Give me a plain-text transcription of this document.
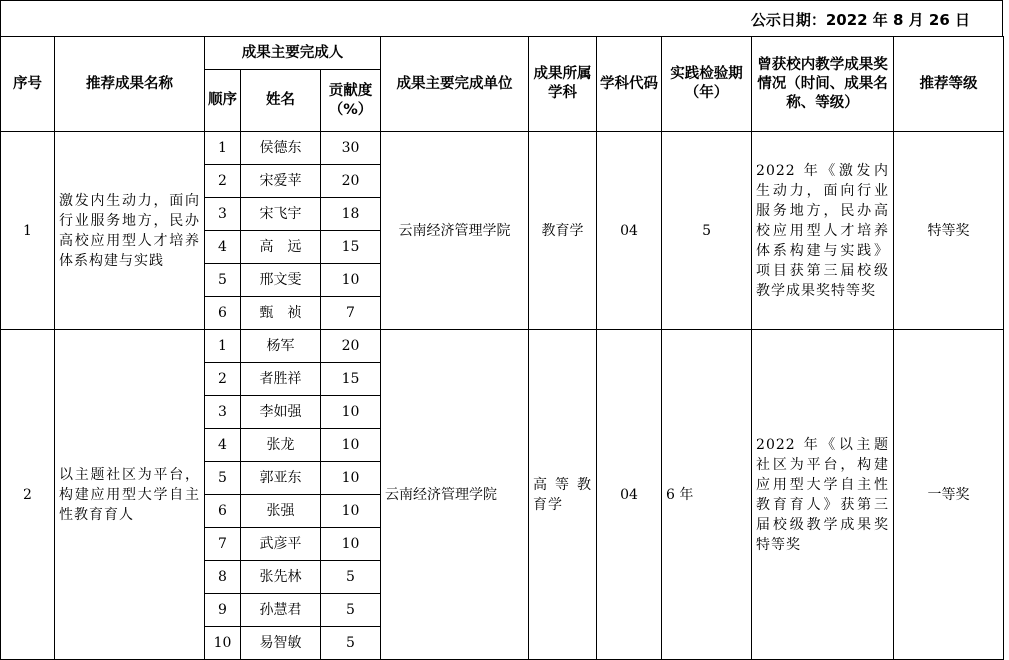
公示日期：2022 年 8 月 26 日
序号	推荐成果名称	成果主要完成人			成果主要完成单位	成果所属学科	学科代码	实践检验期（年）	曾获校内教学成果奖情况（时间、成果名称、等级）	推荐等级
		顺序	姓名	贡献度（%）						
1	激发内生动力，面向行业服务地方，民办高校应用型人才培养体系构建与实践	1	侯德东	30	云南经济管理学院	教育学	04	5	2022 年《激发内生动力，面向行业服务地方，民办高校应用型人才培养体系构建与实践》项目获第三届校级教学成果奖特等奖	特等奖
		2	宋爱苹	20						
		3	宋飞宇	18						
		4	高　远	15						
		5	邢文雯	10						
		6	甄　祯	7						
2	以主题社区为平台，构建应用型大学自主性教育育人	1	杨军	20	云南经济管理学院	高等教育学	04	6 年	2022 年《以主题社区为平台，构建应用型大学自主性教育育人》获第三届校级教学成果奖特等奖	一等奖
		2	者胜祥	15						
		3	李如强	10						
		4	张龙	10						
		5	郭亚东	10						
		6	张强	10						
		7	武彦平	10						
		8	张先林	5						
		9	孙慧君	5						
		10	易智敏	5						
